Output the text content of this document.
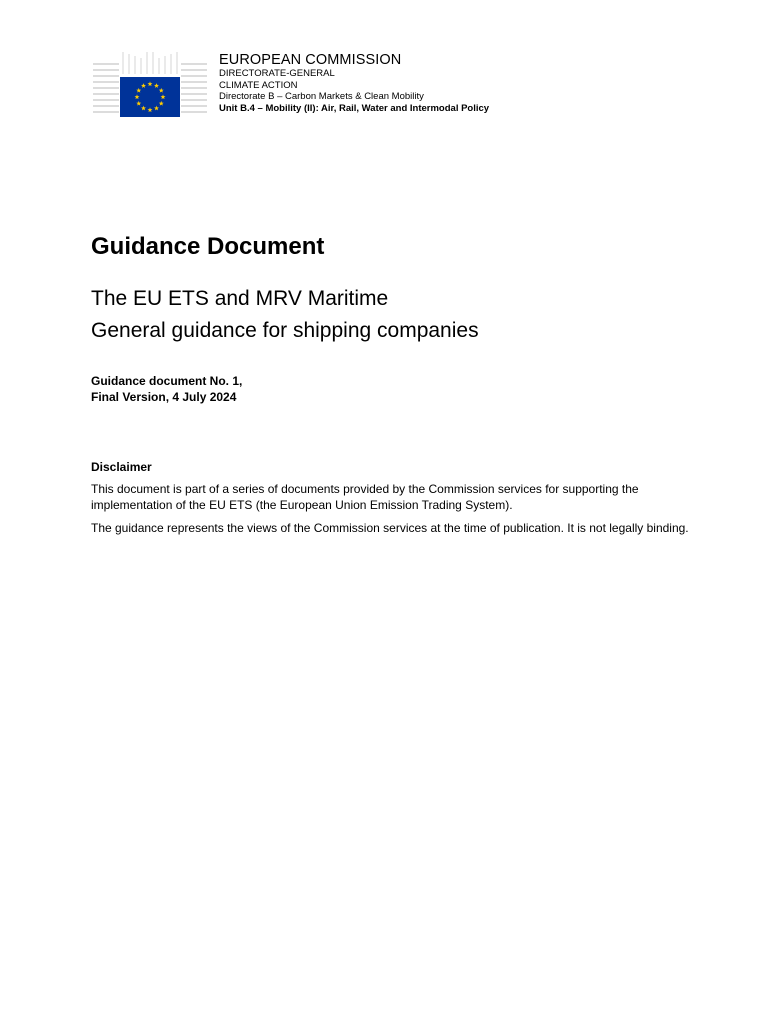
EUROPEAN COMMISSION
DIRECTORATE-GENERAL
CLIMATE ACTION
Directorate B – Carbon Markets & Clean Mobility
Unit B.4 – Mobility (II): Air, Rail, Water and Intermodal Policy
Guidance Document
The EU ETS and MRV Maritime
General guidance for shipping companies
Guidance document No. 1,
Final Version, 4 July 2024
Disclaimer
This document is part of a series of documents provided by the Commission services for supporting the implementation of the EU ETS (the European Union Emission Trading System).
The guidance represents the views of the Commission services at the time of publication. It is not legally binding.
